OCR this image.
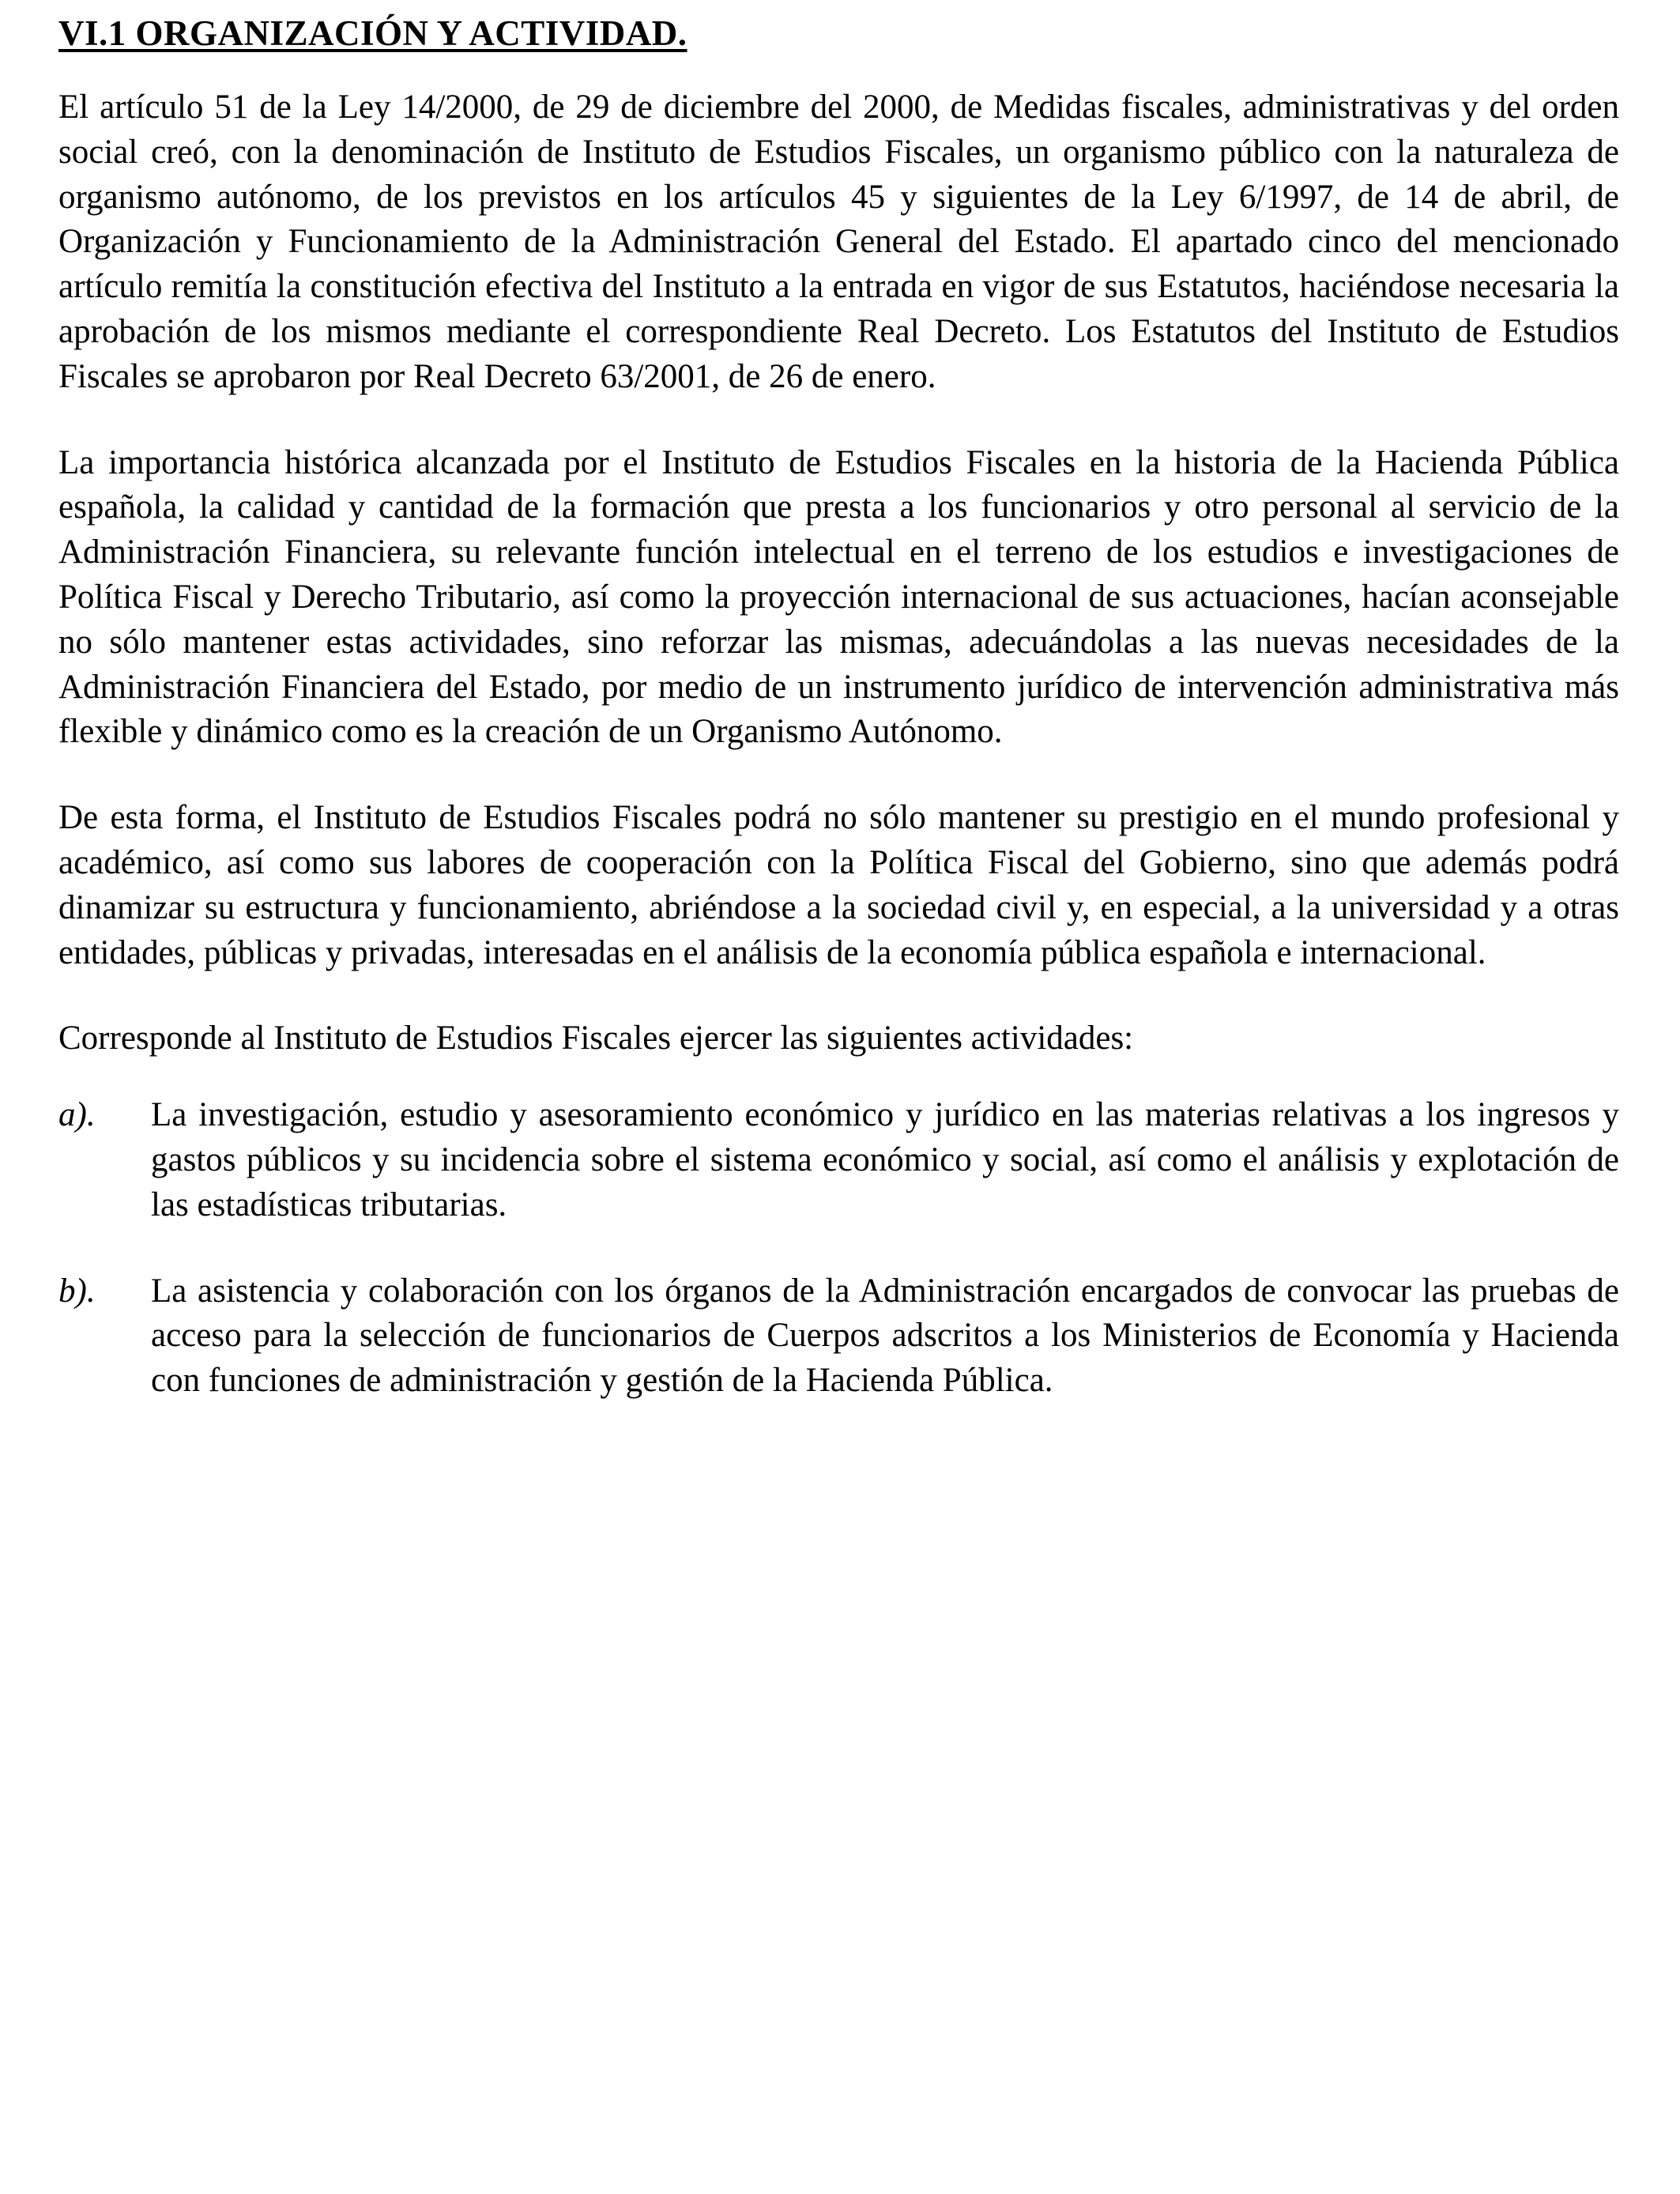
VI.1 ORGANIZACIÓN Y ACTIVIDAD.

El artículo 51 de la Ley 14/2000, de 29 de diciembre del 2000, de Medidas fiscales, administrativas y del orden social creó, con la denominación de Instituto de Estudios Fiscales, un organismo público con la naturaleza de organismo autónomo, de los previstos en los artículos 45 y siguientes de la Ley 6/1997, de 14 de abril, de Organización y Funcionamiento de la Administración General del Estado. El apartado cinco del mencionado artículo remitía la constitución efectiva del Instituto a la entrada en vigor de sus Estatutos, haciéndose necesaria la aprobación de los mismos mediante el correspondiente Real Decreto. Los Estatutos del Instituto de Estudios Fiscales se aprobaron por Real Decreto 63/2001, de 26 de enero.

La importancia histórica alcanzada por el Instituto de Estudios Fiscales en la historia de la Hacienda Pública española, la calidad y cantidad de la formación que presta a los funcionarios y otro personal al servicio de la Administración Financiera, su relevante función intelectual en el terreno de los estudios e investigaciones de Política Fiscal y Derecho Tributario, así como la proyección internacional de sus actuaciones, hacían aconsejable no sólo mantener estas actividades, sino reforzar las mismas, adecuándolas a las nuevas necesidades de la Administración Financiera del Estado, por medio de un instrumento jurídico de intervención administrativa más flexible y dinámico como es la creación de un Organismo Autónomo.

De esta forma, el Instituto de Estudios Fiscales podrá no sólo mantener su prestigio en el mundo profesional y académico, así como sus labores de cooperación con la Política Fiscal del Gobierno, sino que además podrá dinamizar su estructura y funcionamiento, abriéndose a la sociedad civil y, en especial, a la universidad y a otras entidades, públicas y privadas, interesadas en el análisis de la economía pública española e internacional.

Corresponde al Instituto de Estudios Fiscales ejercer las siguientes actividades:

a).	La investigación, estudio y asesoramiento económico y jurídico en las materias relativas a los ingresos y gastos públicos y su incidencia sobre el sistema económico y social, así como el análisis y explotación de las estadísticas tributarias.
b).	La asistencia y colaboración con los órganos de la Administración encargados de convocar las pruebas de acceso para la selección de funcionarios de Cuerpos adscritos a los Ministerios de Economía y Hacienda con funciones de administración y gestión de la Hacienda Pública.
